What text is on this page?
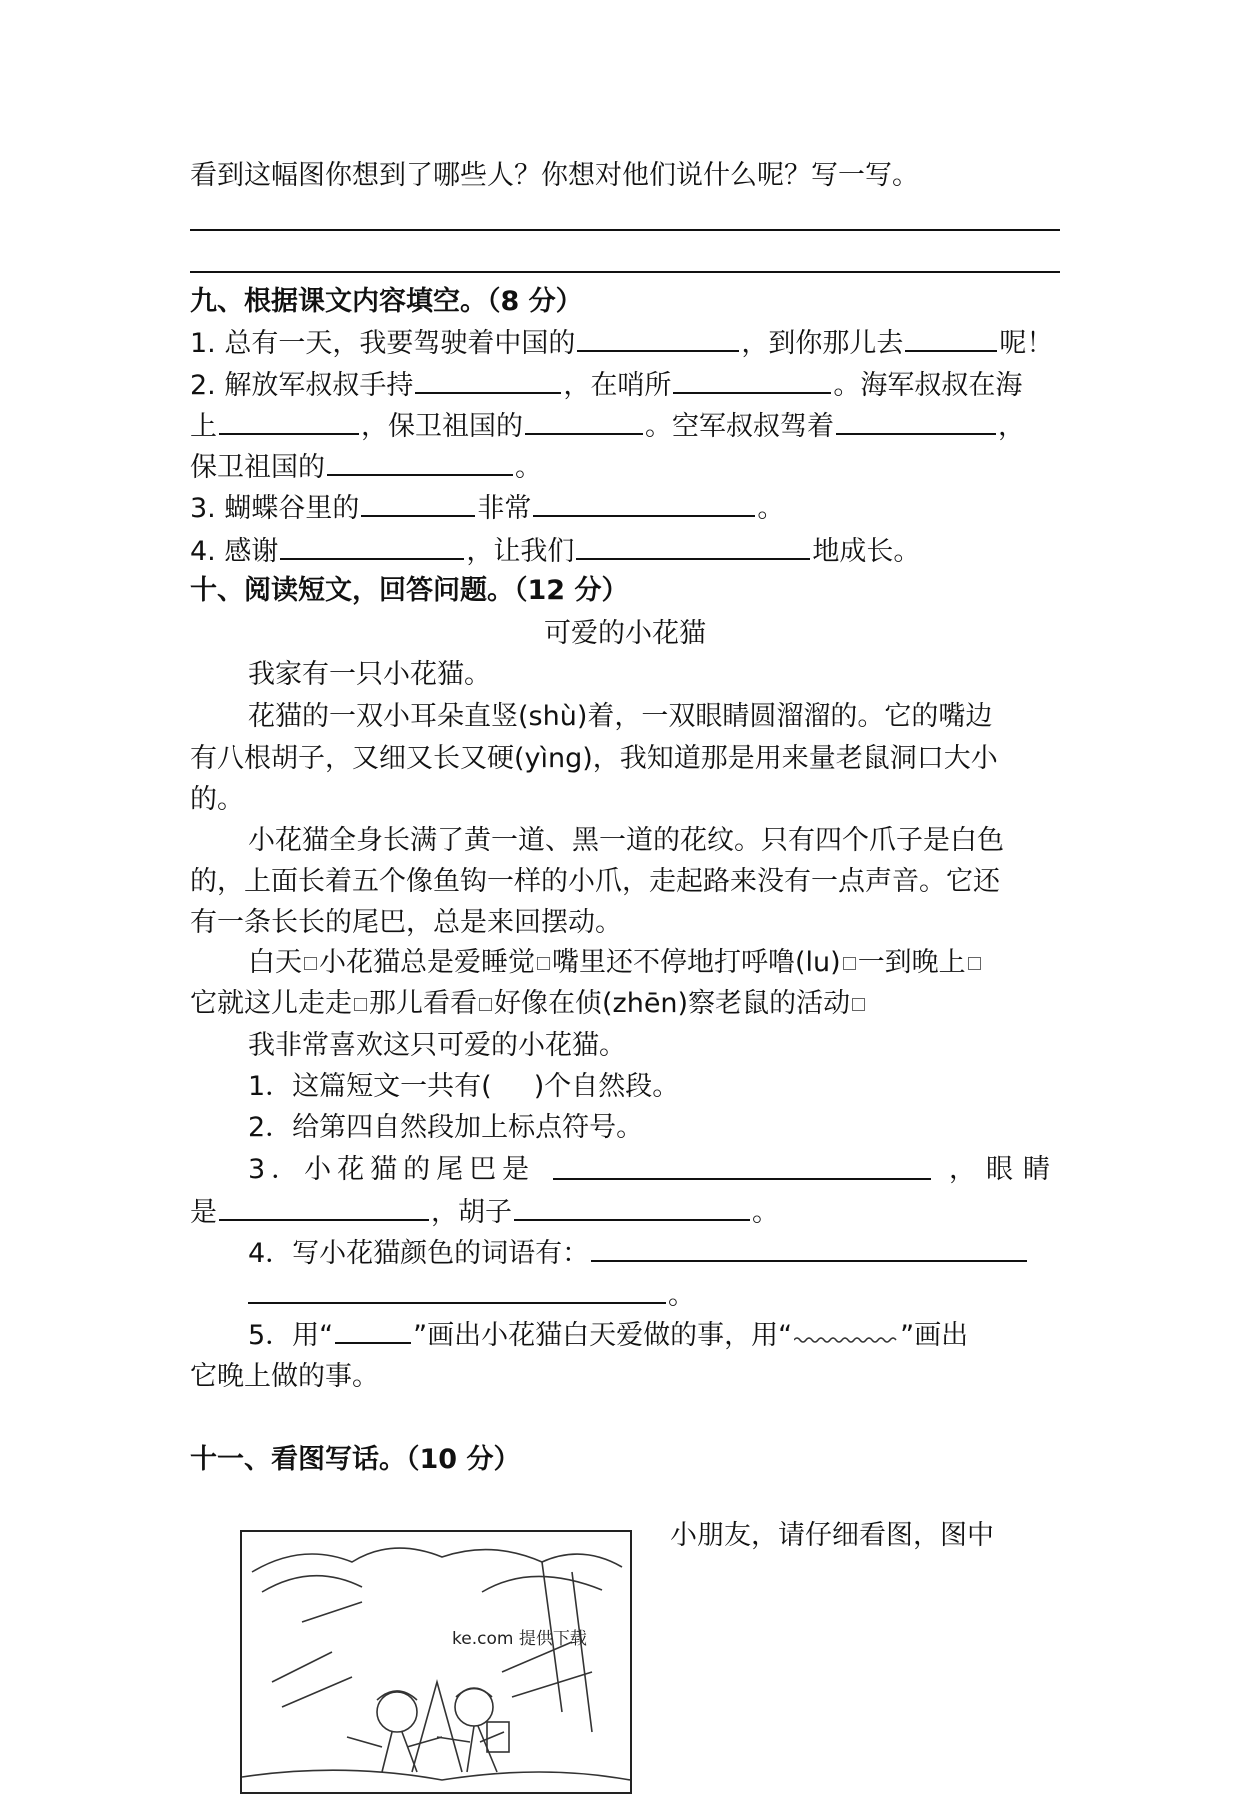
看到这幅图你想到了哪些人？你想对他们说什么呢？写一写。
九、根据课文内容填空。（8 分）
1. 总有一天，我要驾驶着中国的	，到你那儿去	呢！
2. 解放军叔叔手持	，在哨所	。海军叔叔在海
上	，保卫祖国的	。空军叔叔驾着	，
保卫祖国的	。
3. 蝴蝶谷里的	非常	。
4. 感谢	，让我们	地成长。
十、阅读短文，回答问题。（12 分）
可爱的小花猫
我家有一只小花猫。
花猫的一双小耳朵直竖(shù)着，一双眼睛圆溜溜的。它的嘴边
有八根胡子，又细又长又硬(yìng)，我知道那是用来量老鼠洞口大小
的。
小花猫全身长满了黄一道、黑一道的花纹。只有四个爪子是白色
的，上面长着五个像鱼钩一样的小爪，走起路来没有一点声音。它还
有一条长长的尾巴，总是来回摆动。
白天 小花猫总是爱睡觉 嘴里还不停地打呼噜(lu) 一到晚上
它就这儿走走 那儿看看 好像在侦(zhēn)察老鼠的活动
我非常喜欢这只可爱的小花猫。
1．这篇短文一共有( )个自然段。
2．给第四自然段加上标点符号。
3．小花猫的尾巴是	，眼睛
是	，胡子	。
4．写小花猫颜色的词语有：
。
5．用“	”画出小花猫白天爱做的事，用“	”画出
它晚上做的事。
十一、看图写话。（10 分）
小朋友，请仔细看图，图中
ke.com 提供下载
